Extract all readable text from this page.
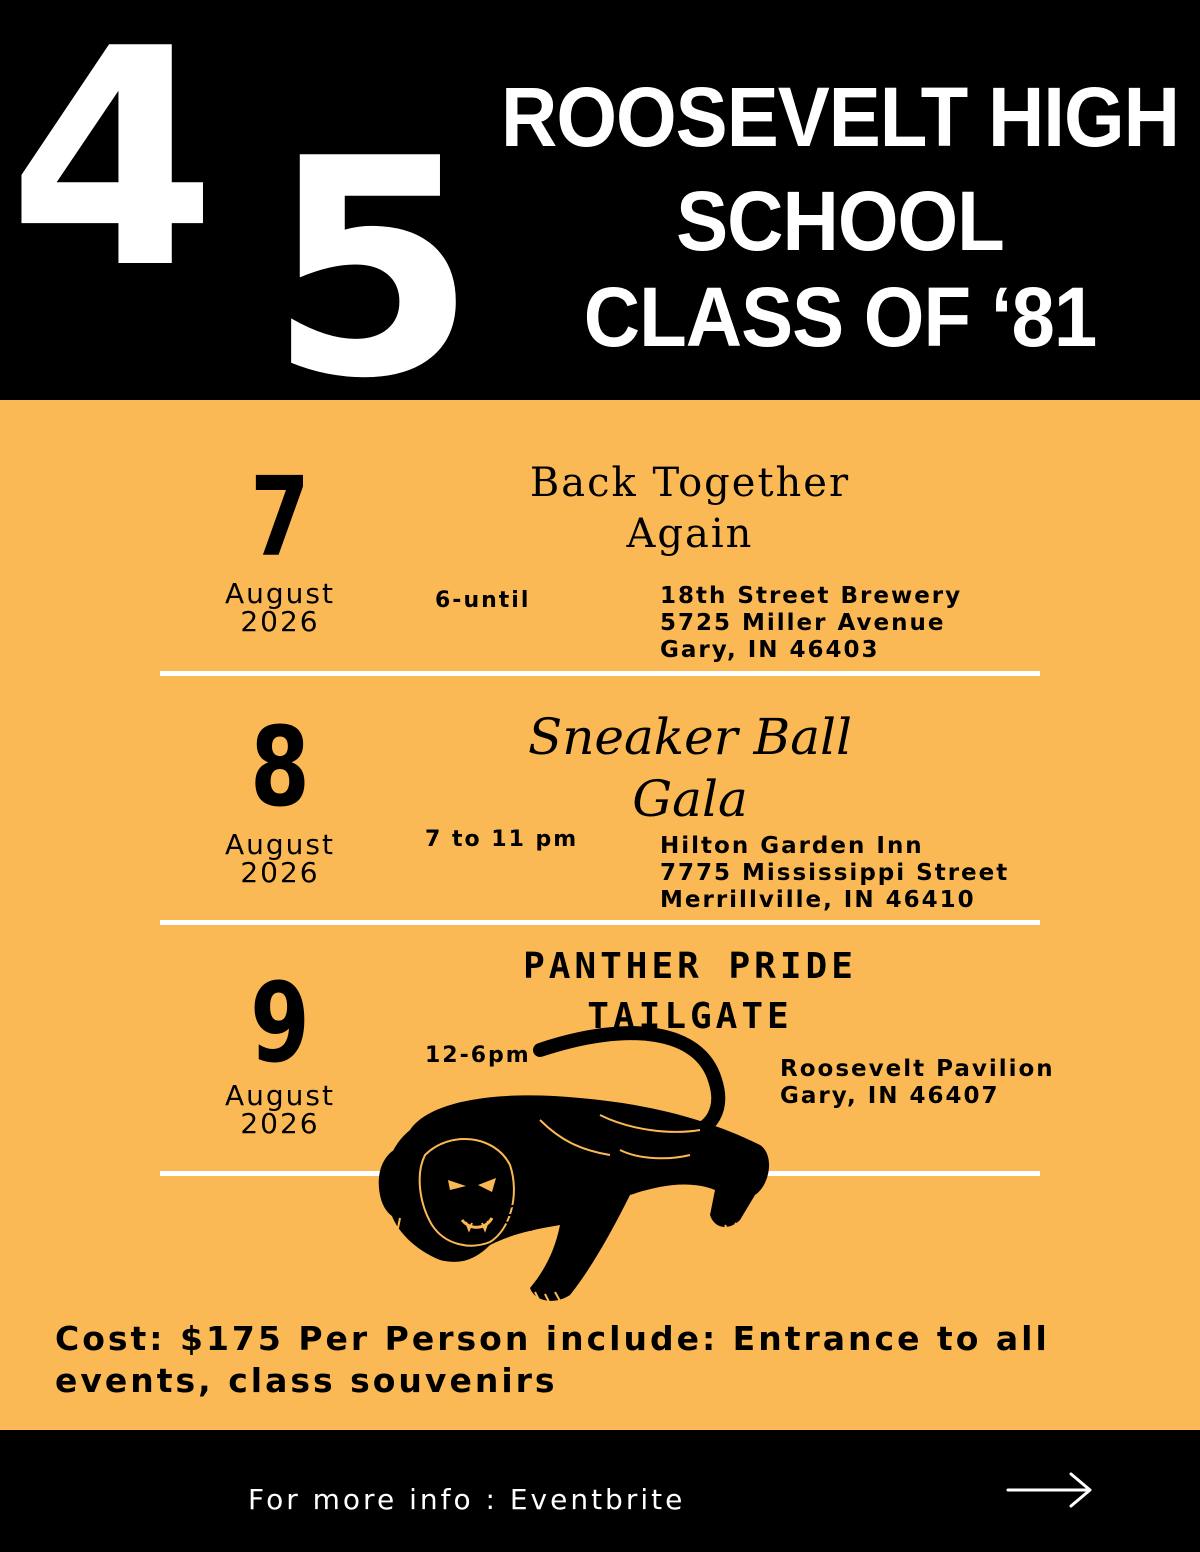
4 5 ROOSEVELT HIGH
SCHOOL
CLASS OF ‘81
7
August
2026
Back Together
Again
6-until	18th Street Brewery
5725 Miller Avenue
Gary, IN 46403
8
August
2026
Sneaker Ball
Gala
7 to 11 pm	Hilton Garden Inn
7775 Mississippi Street
Merrillville, IN 46410
9
August
2026
PANTHER PRIDE
TAILGATE
12-6pm
Roosevelt Pavilion
Gary, IN 46407
Cost: $175 Per Person include: Entrance to all events, class souvenirs
For more info : Eventbrite
